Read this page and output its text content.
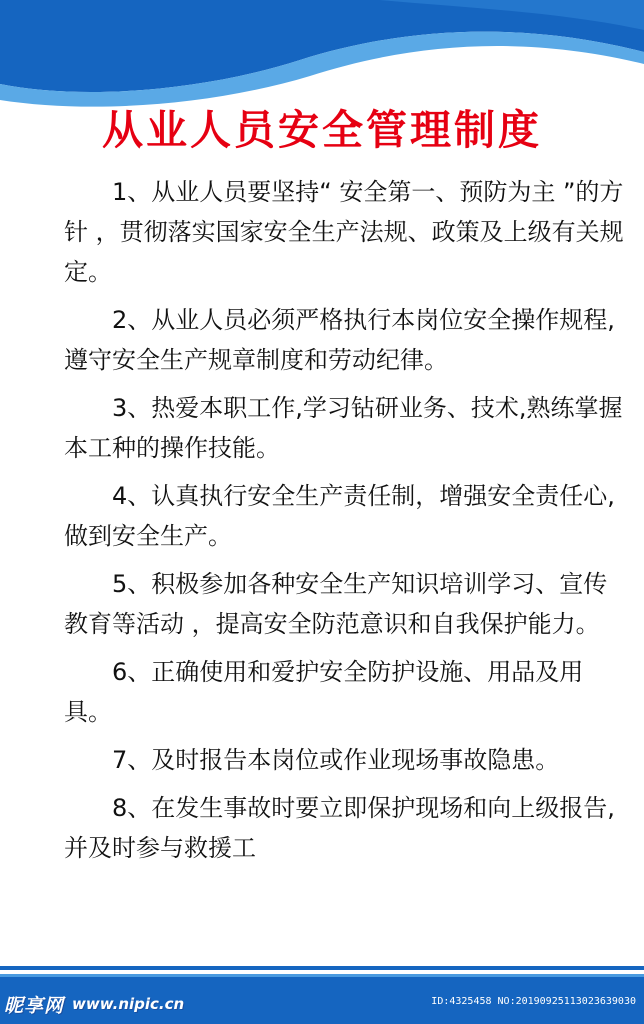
从业人员安全管理制度
1、从业人员要坚持“ 安全第一、预防为主 ”的方针 ，贯彻落实国家安全生产法规、政策及上级有关规定。
2、从业人员必须严格执行本岗位安全操作规程,遵守安全生产规章制度和劳动纪律。
3、热爱本职工作,学习钻研业务、技术,熟练掌握本工种的操作技能。
4、认真执行安全生产责任制，增强安全责任心,做到安全生产。
5、积极参加各种安全生产知识培训学习、宣传教育等活动 ，提高安全防范意识和自我保护能力。
6、正确使用和爱护安全防护设施、用品及用具。
7、及时报告本岗位或作业现场事故隐患。
8、在发生事故时要立即保护现场和向上级报告,并及时参与救援工
昵享网 www.nipic.cn	ID:4325458 NO:20190925113023639030
